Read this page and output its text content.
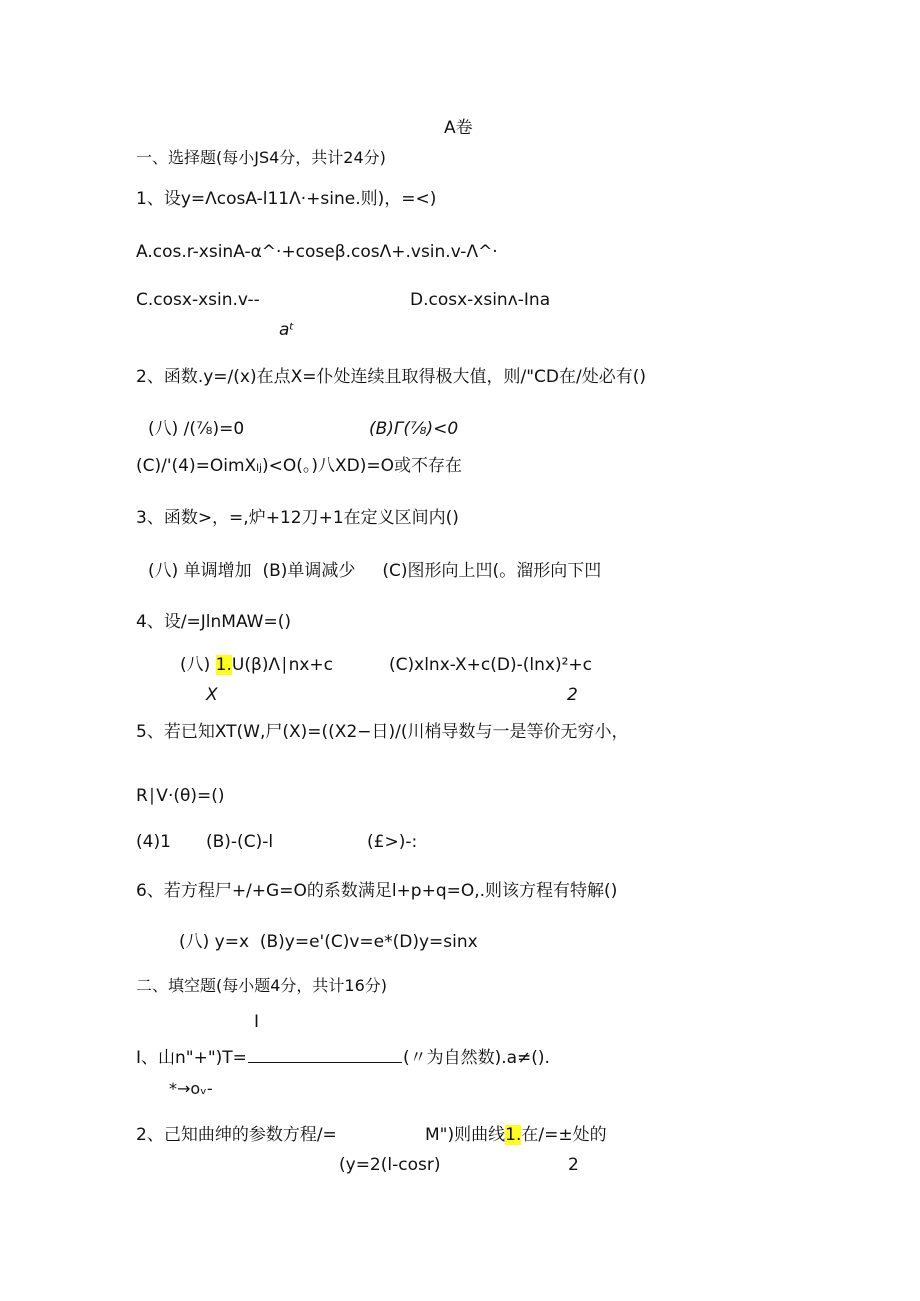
A卷
一、选择题(每小JS4分，共计24分)
1、设y=ΛcosA-l11Λ·+sine.则)，=<)
A.cos.r-xsinA-α^·+coseβ.cosΛ+.vsin.v-Λ^·
C.cosx-xsin.v--	D.cosx-xsinʌ-Ina
aᵗ
2、函数.y=∕(x)在点X=仆处连续且取得极大值，则/"CD在/处必有()
(八) ∕(⅞)=0	(B)Γ(⅞)<0
(C)/'(4)=OimXₗⱼ)<O(。)八XD)=O或不存在
3、函数>，=,炉+12刀+1在定义区间内()
(八) 单调增加  (B)单调减少     (C)图形向上凹(。溜形向下凹
4、设/=JlnMAW=()
(八) 1.U(β)Λ∣nx+c	(C)xlnx-X+c(D)-(lnx)²+c
X	2
5、若已知XT(W,尸(X)=((X2−日)/(川梢导数与一是等价无穷小，
R∣V·(θ)=()
(4)1 (B)-(C)-l	(£>)-:
6、若方程尸+/+G=O的系数满足l+p+q=O,.则该方程有特解()
(八) y=x  (B)y=e'(C)v=e*(D)y=sinx
二、填空题(每小题4分，共计16分)
I
I、山n"+")T=	(〃为自然数).a≠().
*→oᵥ-
2、己知曲绅的参数方程/=	M")则曲线1.在/=±处的
(y=2(l-cosr)	2
